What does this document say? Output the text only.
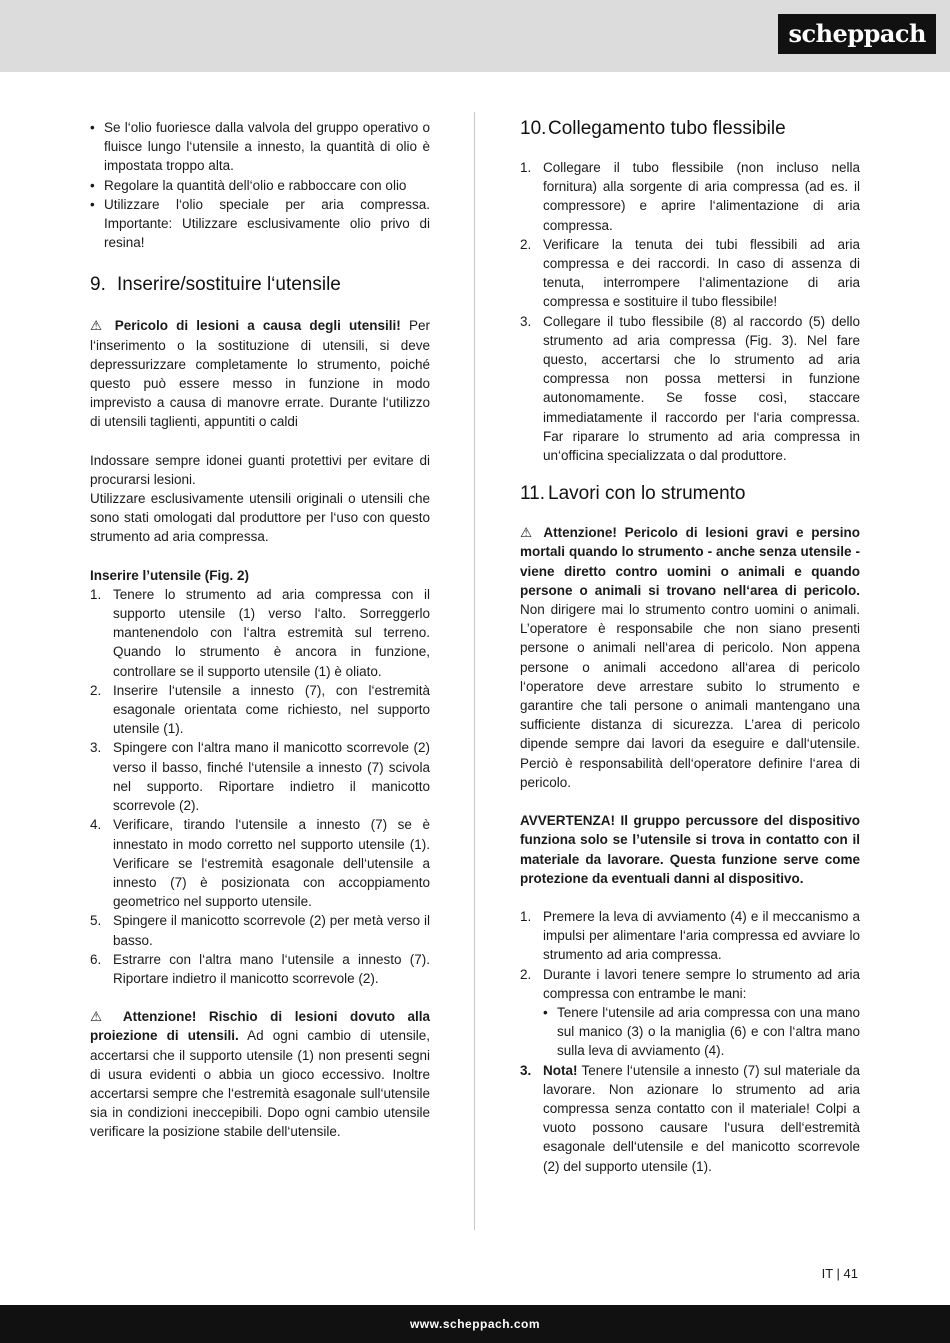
scheppach
• Se l‘olio fuoriesce dalla valvola del gruppo operativo o fluisce lungo l‘utensile a innesto, la quantità di olio è impostata troppo alta.
• Regolare la quantità dell‘olio e rabboccare con olio
• Utilizzare l‘olio speciale per aria compressa. Importante: Utilizzare esclusivamente olio privo di resina!
9. Inserire/sostituire l‘utensile

⚠ Pericolo di lesioni a causa degli utensili! Per l‘inserimento o la sostituzione di utensili, si deve depressurizzare completamente lo strumento, poiché questo può essere messo in funzione in modo imprevisto a causa di manovre errate. Durante l‘utilizzo di utensili taglienti, appuntiti o caldi

Indossare sempre idonei guanti protettivi per evitare di procurarsi lesioni.

Utilizzare esclusivamente utensili originali o utensili che sono stati omologati dal produttore per l‘uso con questo strumento ad aria compressa.

Inserire l’utensile (Fig. 2)

1. Tenere lo strumento ad aria compressa con il supporto utensile (1) verso l‘alto. Sorreggerlo mantenendolo con l‘altra estremità sul terreno. Quando lo strumento è ancora in funzione, controllare se il supporto utensile (1) è oliato.
2. Inserire l‘utensile a innesto (7), con l‘estremità esagonale orientata come richiesto, nel supporto utensile (1).
3. Spingere con l‘altra mano il manicotto scorrevole (2) verso il basso, finché l‘utensile a innesto (7) scivola nel supporto. Riportare indietro il manicotto scorrevole (2).
4. Verificare, tirando l‘utensile a innesto (7) se è innestato in modo corretto nel supporto utensile (1). Verificare se l‘estremità esagonale dell‘utensile a innesto (7) è posizionata con accoppiamento geometrico nel supporto utensile.
5. Spingere il manicotto scorrevole (2) per metà verso il basso.
6. Estrarre con l‘altra mano l‘utensile a innesto (7). Riportare indietro il manicotto scorrevole (2).

⚠ Attenzione! Rischio di lesioni dovuto alla proiezione di utensili. Ad ogni cambio di utensile, accertarsi che il supporto utensile (1) non presenti segni di usura evidenti o abbia un gioco eccessivo. Inoltre accertarsi sempre che l‘estremità esagonale sull‘utensile sia in condizioni ineccepibili. Dopo ogni cambio utensile verificare la posizione stabile dell‘utensile.

10.Collegamento tubo flessibile
1. Collegare il tubo flessibile (non incluso nella fornitura) alla sorgente di aria compressa (ad es. il compressore) e aprire l‘alimentazione di aria compressa.
2. Verificare la tenuta dei tubi flessibili ad aria compressa e dei raccordi. In caso di assenza di tenuta, interrompere l‘alimentazione di aria compressa e sostituire il tubo flessibile!
3. Collegare il tubo flessibile (8) al raccordo (5) dello strumento ad aria compressa (Fig. 3). Nel fare questo, accertarsi che lo strumento ad aria compressa non possa mettersi in funzione autonomamente. Se fosse così, staccare immediatamente il raccordo per l‘aria compressa. Far riparare lo strumento ad aria compressa in un‘officina specializzata o dal produttore.
11. Lavori con lo strumento

⚠ Attenzione! Pericolo di lesioni gravi e persino mortali quando lo strumento - anche senza utensile - viene diretto contro uomini o animali e quando persone o animali si trovano nell‘area di pericolo. Non dirigere mai lo strumento contro uomini o animali. L’operatore è responsabile che non siano presenti persone o animali nell‘area di pericolo. Non appena persone o animali accedono all‘area di pericolo l‘operatore deve arrestare subito lo strumento e garantire che tali persone o animali mantengano una sufficiente distanza di sicurezza. L’area di pericolo dipende sempre dai lavori da eseguire e dall‘utensile. Perciò è responsabilità dell‘operatore definire l‘area di pericolo.

AVVERTENZA! Il gruppo percussore del dispositivo funziona solo se l’utensile si trova in contatto con il materiale da lavorare. Questa funzione serve come protezione da eventuali danni al dispositivo.

1. Premere la leva di avviamento (4) e il meccanismo a impulsi per alimentare l‘aria compressa ed avviare lo strumento ad aria compressa.
2. Durante i lavori tenere sempre lo strumento ad aria compressa con entrambe le mani:
• Tenere l‘utensile ad aria compressa con una mano sul manico (3) o la maniglia (6) e con l‘altra mano sulla leva di avviamento (4).
3. Nota! Tenere l‘utensile a innesto (7) sul materiale da lavorare. Non azionare lo strumento ad aria compressa senza contatto con il materiale! Colpi a vuoto possono causare l‘usura dell‘estremità esagonale dell‘utensile e del manicotto scorrevole (2) del supporto utensile (1).
IT | 41
www.scheppach.com
